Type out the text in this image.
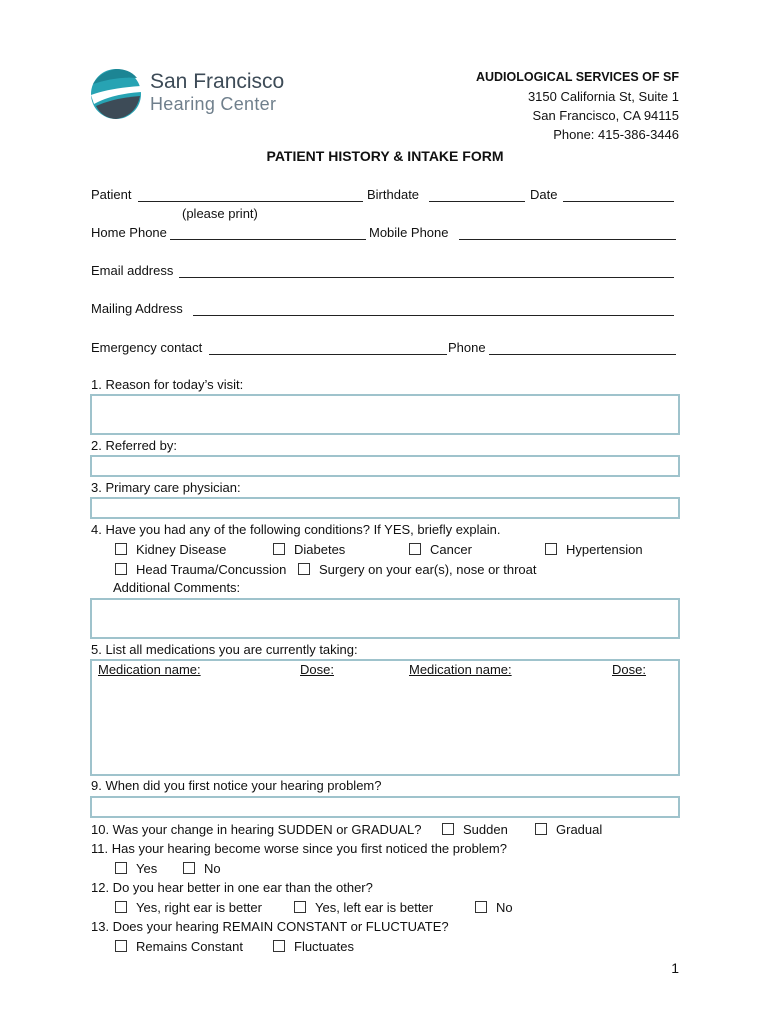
San Francisco
Hearing Center
AUDIOLOGICAL SERVICES OF SF
3150 California St, Suite 1
San Francisco, CA 94115
Phone: 415-386-3446
PATIENT HISTORY & INTAKE FORM
Patient	Birthdate	Date
(please print)
Home Phone	Mobile Phone
Email address
Mailing Address
Emergency contact	Phone
1. Reason for today’s visit:
2. Referred by:
3. Primary care physician:
4. Have you had any of the following conditions? If YES, briefly explain.
Kidney Disease	Diabetes	Cancer	Hypertension
Head Trauma/Concussion	Surgery on your ear(s), nose or throat
Additional Comments:
5. List all medications you are currently taking:
Medication name:	Dose:	Medication name:	Dose:
9. When did you first notice your hearing problem?
10. Was your change in hearing SUDDEN or GRADUAL?	Sudden	Gradual
11. Has your hearing become worse since you first noticed the problem?
Yes	No
12. Do you hear better in one ear than the other?
Yes, right ear is better	Yes, left ear is better	No
13. Does your hearing REMAIN CONSTANT or FLUCTUATE?
Remains Constant	Fluctuates
1
